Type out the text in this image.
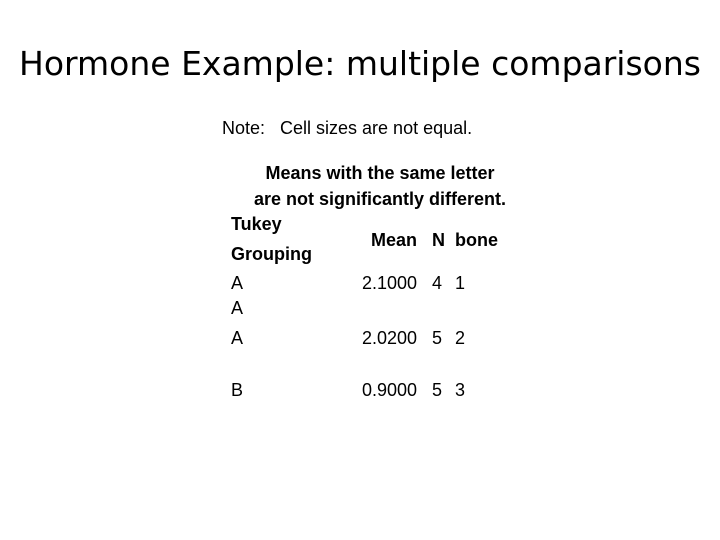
Hormone Example: multiple comparisons
Note:   Cell sizes are not equal.
Means with the same letter
are not significantly different.
Tukey
Grouping
Mean N bone
A	2.1000 4 1
A
A	2.0200 5 2
B	0.9000 5 3
